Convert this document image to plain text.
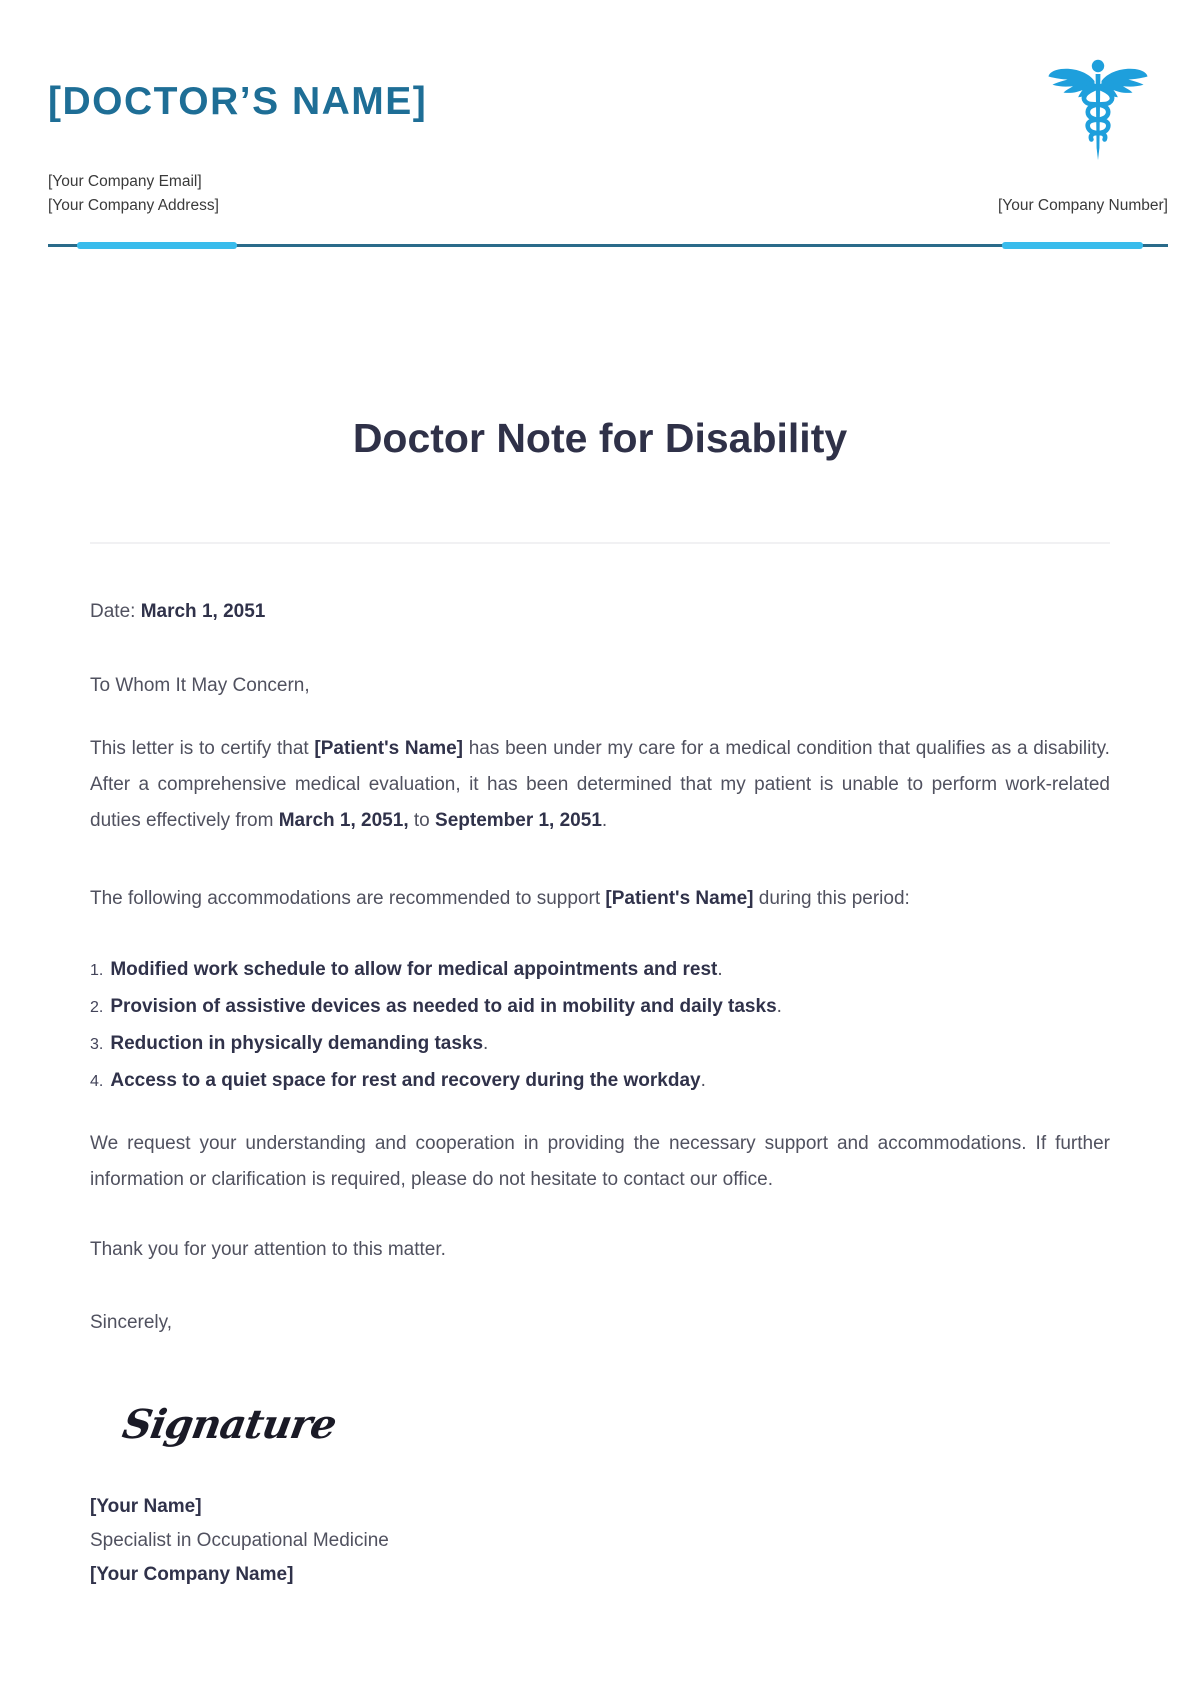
[DOCTOR’S NAME]
[Your Company Email]
[Your Company Address]	[Your Company Number]
Doctor Note for Disability

Date: March 1, 2051

To Whom It May Concern,

This letter is to certify that [Patient's Name] has been under my care for a medical condition that qualifies as a disability. After a comprehensive medical evaluation, it has been determined that my patient is unable to perform work-related duties effectively from March 1, 2051, to September 1, 2051.

The following accommodations are recommended to support [Patient's Name] during this period:

1. Modified work schedule to allow for medical appointments and rest.
2. Provision of assistive devices as needed to aid in mobility and daily tasks.
3. Reduction in physically demanding tasks.
4. Access to a quiet space for rest and recovery during the workday.

We request your understanding and cooperation in providing the necessary support and accommodations. If further information or clarification is required, please do not hesitate to contact our office.

Thank you for your attention to this matter.

Sincerely,

Signature
[Your Name]
Specialist in Occupational Medicine
[Your Company Name]
